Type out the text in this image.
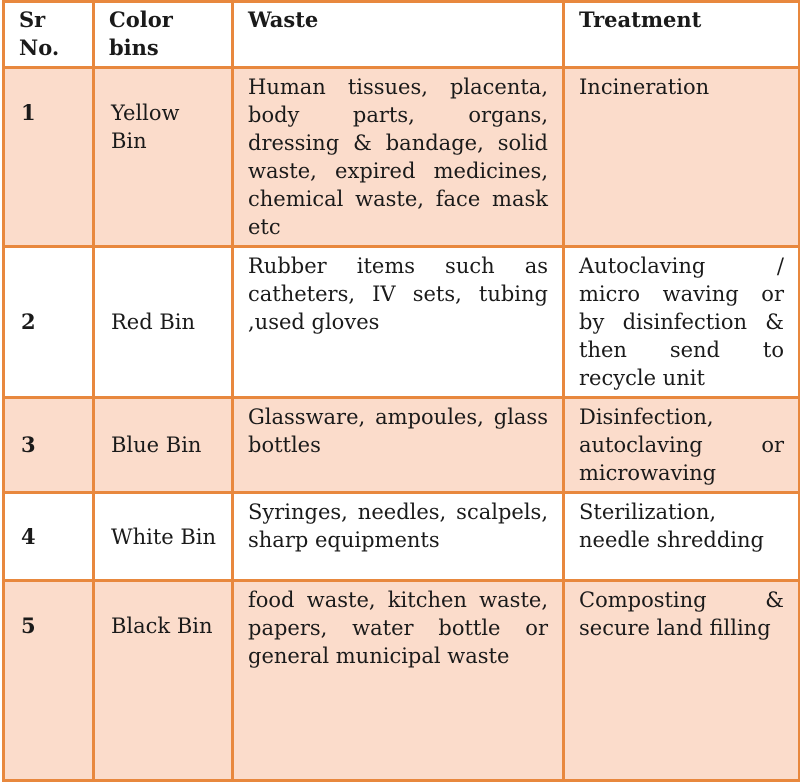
Sr No.	Color bins	Waste	Treatment
1	Yellow Bin	Human tissues, placenta, body parts, organs, dressing & bandage, solid waste, expired medicines, chemical waste, face mask etc	Incineration
2	Red Bin	Rubber items such as catheters, IV sets, tubing ,used gloves	Autoclaving / micro waving or by disinfection & then send to recycle unit
3	Blue Bin	Glassware, ampoules, glass bottles	Disinfection, autoclaving or microwaving
4	White Bin	Syringes, needles, scalpels, sharp equipments	Sterilization, needle shredding
5	Black Bin	food waste, kitchen waste, papers, water bottle or general municipal waste	Composting & secure land filling
